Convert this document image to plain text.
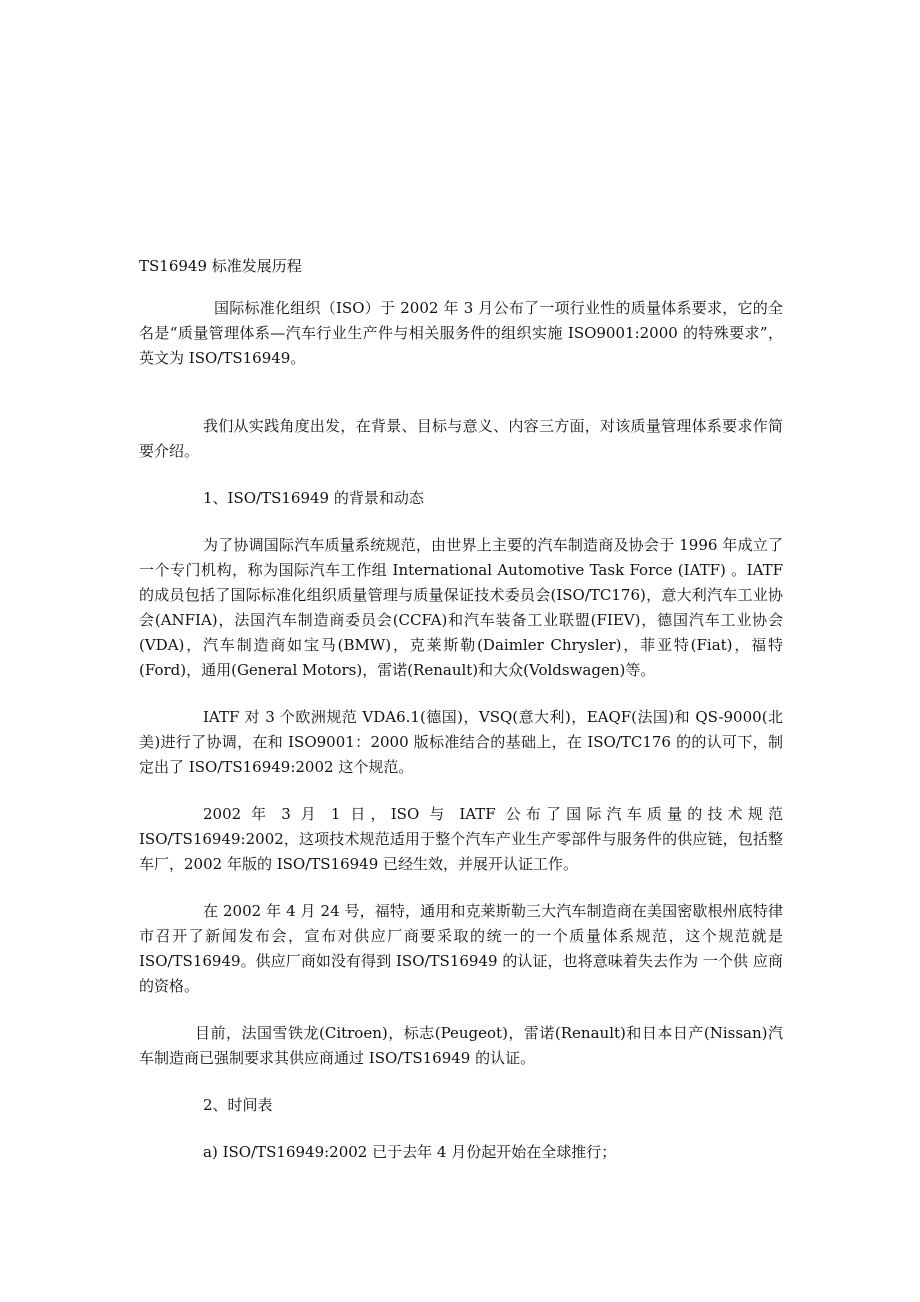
TS16949 标准发展历程

国际标准化组织（ISO）于 2002 年 3 月公布了一项行业性的质量体系要求，它的全名是“质量管理体系—汽车行业生产件与相关服务件的组织实施 ISO9001:2000 的特殊要求”，英文为 ISO/TS16949。

我们从实践角度出发，在背景、目标与意义、内容三方面，对该质量管理体系要求作简要介绍。

1、ISO/TS16949 的背景和动态

为了协调国际汽车质量系统规范，由世界上主要的汽车制造商及协会于 1996 年成立了一个专门机构，称为国际汽车工作组 International Automotive Task Force (IATF) 。IATF 的成员包括了国际标准化组织质量管理与质量保证技术委员会(ISO/TC176)，意大利汽车工业协会(ANFIA)，法国汽车制造商委员会(CCFA)和汽车装备工业联盟(FIEV)，德国汽车工业协会(VDA)，汽车制造商如宝马(BMW)，克莱斯勒(Daimler Chrysler)，菲亚特(Fiat)，福特(Ford)，通用(General Motors)，雷诺(Renault)和大众(Voldswagen)等。

IATF 对 3 个欧洲规范 VDA6.1(德国)，VSQ(意大利)，EAQF(法国)和 QS-9000(北美)进行了协调，在和 ISO9001：2000 版标准结合的基础上，在 ISO/TC176 的的认可下，制定出了 ISO/TS16949:2002 这个规范。

2002 年 3 月 1 日，ISO 与 IATF 公布了国际汽车质量的技术规范 ISO/TS16949:2002，这项技术规范适用于整个汽车产业生产零部件与服务件的供应链，包括整车厂，2002 年版的 ISO/TS16949 已经生效，并展开认证工作。

在 2002 年 4 月 24 号，福特，通用和克莱斯勒三大汽车制造商在美国密歇根州底特律市召开了新闻发布会，宣布对供应厂商要采取的统一的一个质量体系规范，这个规范就是 ISO/TS16949。供应厂商如没有得到 ISO/TS16949 的认证，也将意味着失去作为 一个供 应商的资格。

目前，法国雪铁龙(Citroen)，标志(Peugeot)，雷诺(Renault)和日本日产(Nissan)汽车制造商已强制要求其供应商通过 ISO/TS16949 的认证。

2、时间表

a) ISO/TS16949:2002 已于去年 4 月份起开始在全球推行；
